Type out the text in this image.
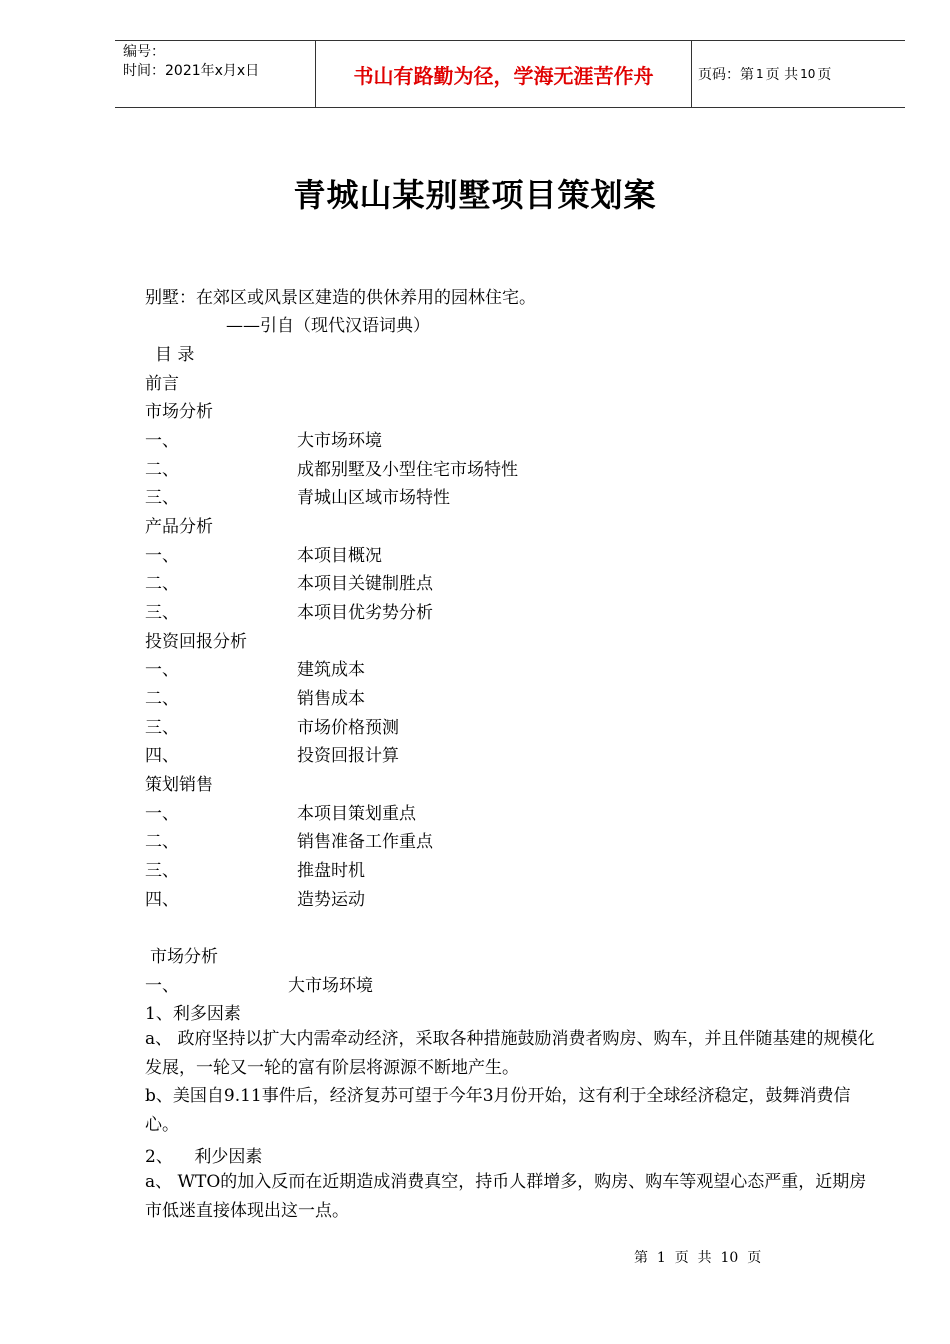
编号：
时间：2021年x月x日	书山有路勤为径，学海无涯苦作舟	页码：第 1 页 共 10 页
青城山某别墅项目策划案
别墅：在郊区或风景区建造的供休养用的园林住宅。
——引自（现代汉语词典）
目 录
前言
市场分析
一、	大市场环境
二、	成都别墅及小型住宅市场特性
三、	青城山区域市场特性
产品分析
一、	本项目概况
二、	本项目关键制胜点
三、	本项目优劣势分析
投资回报分析
一、	建筑成本
二、	销售成本
三、	市场价格预测
四、	投资回报计算
策划销售
一、	本项目策划重点
二、	销售准备工作重点
三、	推盘时机
四、	造势运动
市场分析
一、	大市场环境
1、利多因素
a、 政府坚持以扩大内需牵动经济，采取各种措施鼓励消费者购房、购车，并且伴随基建的规模化发展，一轮又一轮的富有阶层将源源不断地产生。
b、美国自9.11事件后，经济复苏可望于今年3月份开始，这有利于全球经济稳定，鼓舞消费信心。
2、    利少因素
a、 WTO的加入反而在近期造成消费真空，持币人群增多，购房、购车等观望心态严重，近期房市低迷直接体现出这一点。
第  1  页  共  10  页
